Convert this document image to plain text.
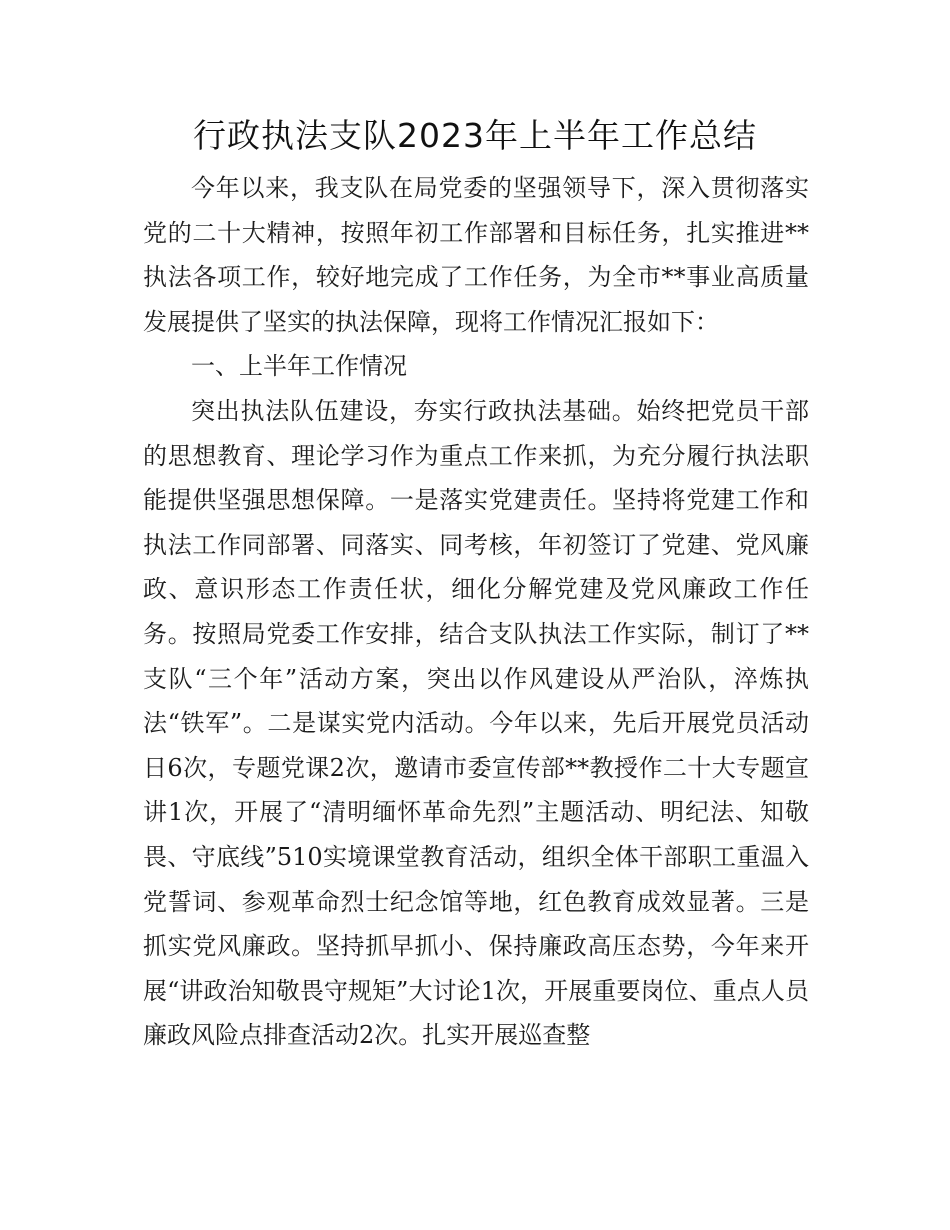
行政执法支队2023年上半年工作总结

今年以来，我支队在局党委的坚强领导下，深入贯彻落实党的二十大精神，按照年初工作部署和目标任务，扎实推进**执法各项工作，较好地完成了工作任务，为全市**事业高质量发展提供了坚实的执法保障，现将工作情况汇报如下：

一、上半年工作情况

突出执法队伍建设，夯实行政执法基础。始终把党员干部的思想教育、理论学习作为重点工作来抓，为充分履行执法职能提供坚强思想保障。一是落实党建责任。坚持将党建工作和执法工作同部署、同落实、同考核，年初签订了党建、党风廉政、意识形态工作责任状，细化分解党建及党风廉政工作任务。按照局党委工作安排，结合支队执法工作实际，制订了**支队“三个年”活动方案，突出以作风建设从严治队，淬炼执法“铁军”。二是谋实党内活动。今年以来，先后开展党员活动日6次，专题党课2次，邀请市委宣传部**教授作二十大专题宣讲1次，开展了“清明缅怀革命先烈”主题活动、明纪法、知敬畏、守底线”510实境课堂教育活动，组织全体干部职工重温入党誓词、参观革命烈士纪念馆等地，红色教育成效显著。三是抓实党风廉政。坚持抓早抓小、保持廉政高压态势，今年来开展“讲政治知敬畏守规矩”大讨论1次，开展重要岗位、重点人员廉政风险点排查活动2次。扎实开展巡查整
